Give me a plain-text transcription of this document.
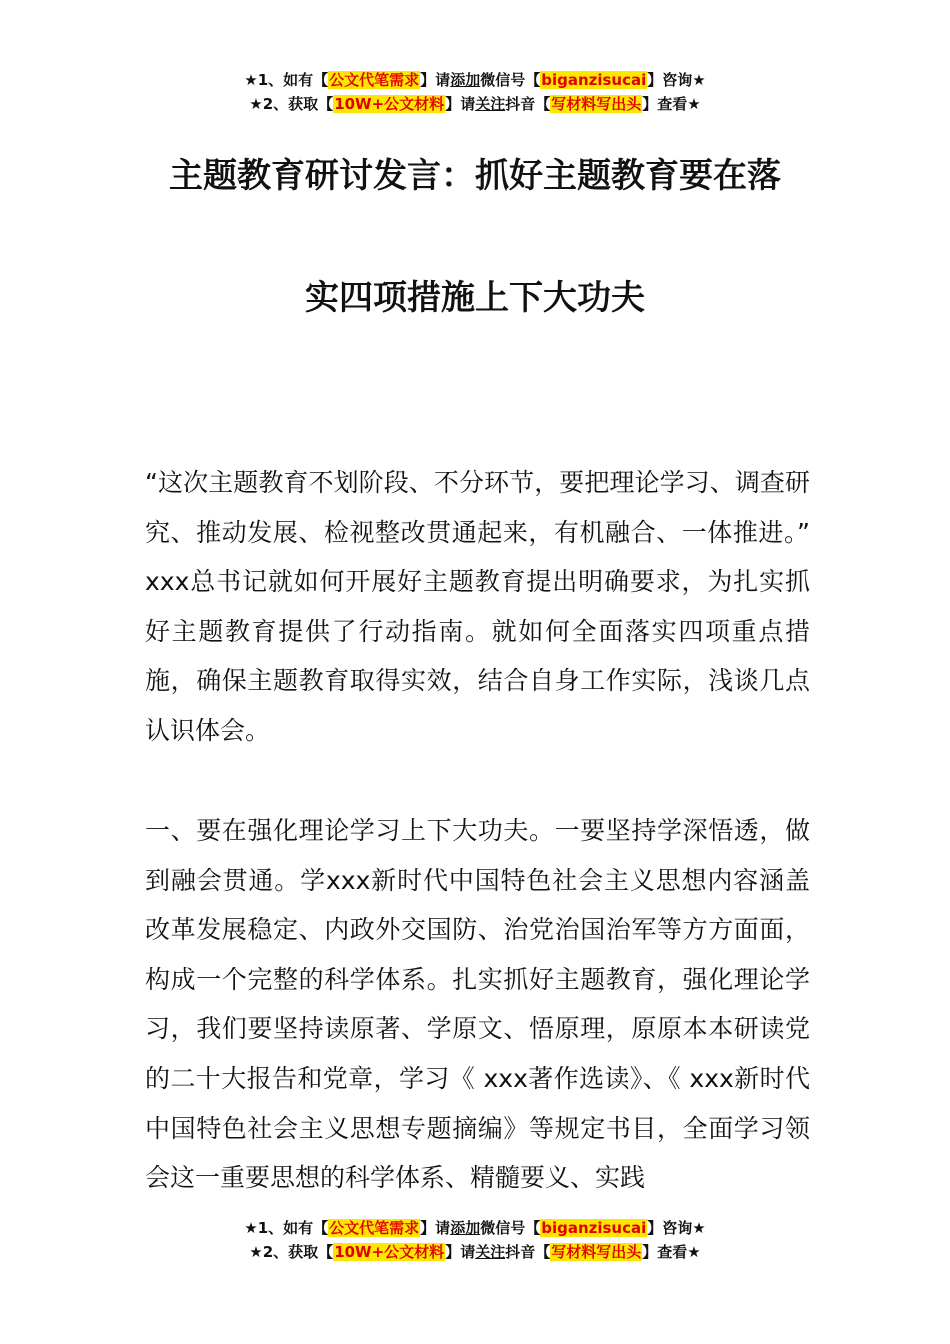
★1、如有【公文代笔需求】请添加微信号【biganzisucai】咨询★
★2、获取【10W+公文材料】请关注抖音【写材料写出头】查看★
主题教育研讨发言：抓好主题教育要在落
实四项措施上下大功夫

“这次主题教育不划阶段、不分环节，要把理论学习、调查研究、推动发展、检视整改贯通起来，有机融合、一体推进。”　xxx总书记就如何开展好主题教育提出明确要求，为扎实抓好主题教育提供了行动指南。就如何全面落实四项重点措施，确保主题教育取得实效，结合自身工作实际，浅谈几点认识体会。

一、要在强化理论学习上下大功夫。一要坚持学深悟透，做到融会贯通。学xxx新时代中国特色社会主义思想内容涵盖改革发展稳定、内政外交国防、治党治国治军等方方面面，构成一个完整的科学体系。扎实抓好主题教育，强化理论学习，我们要坚持读原著、学原文、悟原理，原原本本研读党的二十大报告和党章，学习《 xxx著作选读》、《 xxx新时代中国特色社会主义思想专题摘编》等规定书目，全面学习领会这一重要思想的科学体系、精髓要义、实践

★1、如有【公文代笔需求】请添加微信号【biganzisucai】咨询★
★2、获取【10W+公文材料】请关注抖音【写材料写出头】查看★
